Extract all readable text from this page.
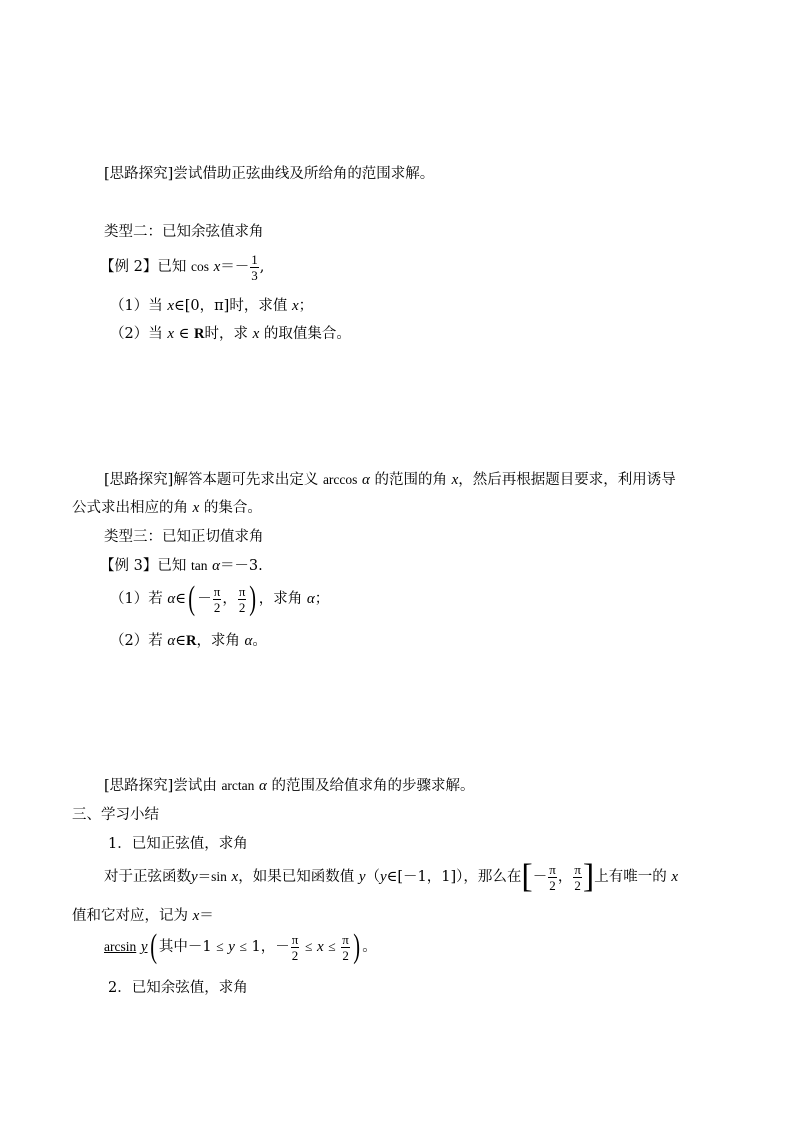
[思路探究]尝试借助正弦曲线及所给角的范围求解。
类型二：已知余弦值求角
【例 2】已知 $\cos x=- \frac{1}{3}$ ,
（1）当 x∈[0，π]时，求值 x；
（2）当 x ∈ R时，求 x 的取值集合。
[思路探究]解答本题可先求出定义 arccos α 的范围的角 x，然后再根据题目要求，利用诱导
公式求出相应的角 x 的集合。
类型三：已知正切值求角
【例 3】已知 tan α＝－3.
（1）若 α∈( － $\frac{\pi}{2}$ ， $\frac{\pi}{2}$ ) ，求角 α；
（2）若 α∈R，求角 α。
[思路探究]尝试由 arctan α 的范围及给值求角的步骤求解。
三、学习小结
1．已知正弦值，求角
对于正弦函数y＝sin x，如果已知函数值 y（y∈[－1，1]），那么在[－ $\frac{\pi}{2}$ ， $\frac{\pi}{2}$ ]上有唯一的 x
值和它对应，记为 x＝
arcsin y( 其中－1 ≤ y ≤ 1，－ $\frac{\pi}{2} \le x \le \frac{\pi}{2}$ ) 。
2．已知余弦值，求角
